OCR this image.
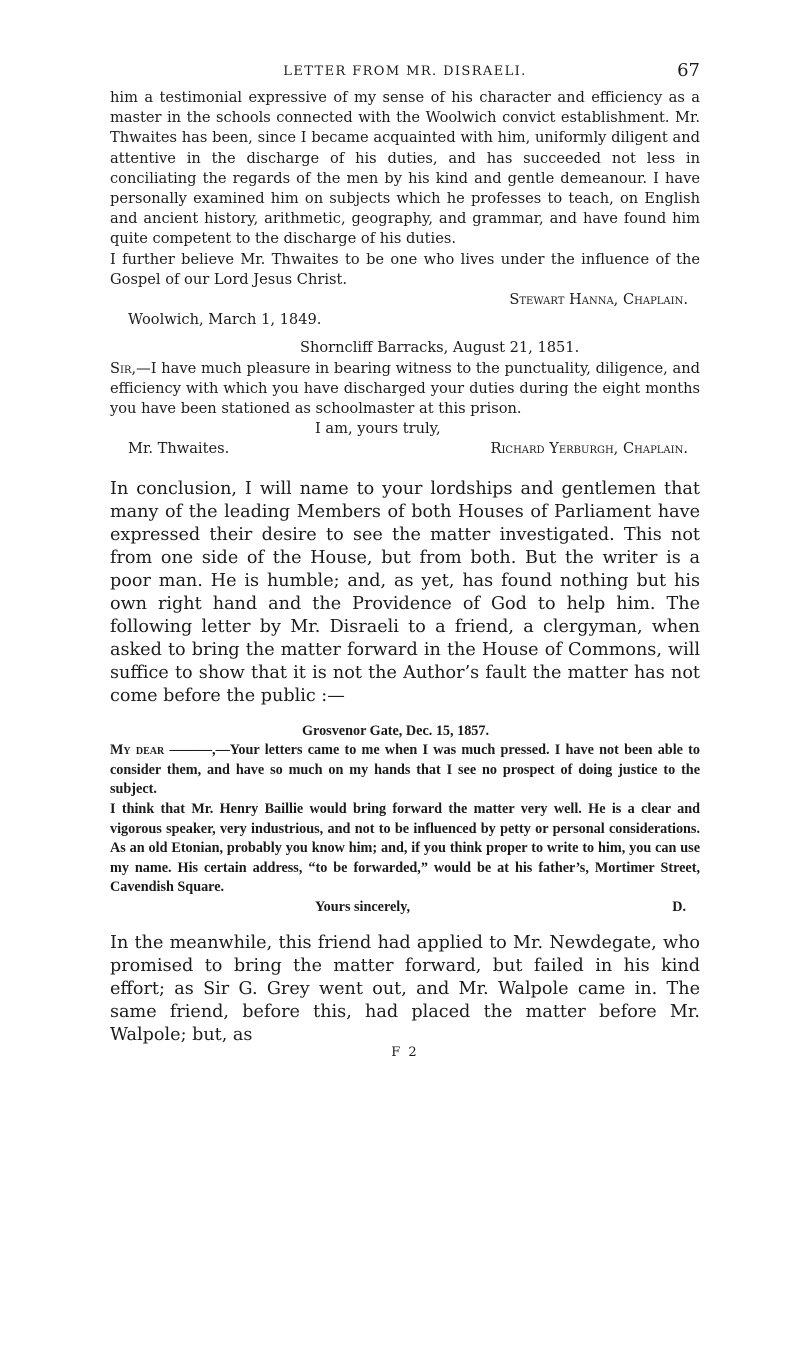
LETTER FROM MR. DISRAELI.	67

him a testimonial expressive of my sense of his character and efficiency as a master in the schools connected with the Woolwich convict establishment. Mr. Thwaites has been, since I became acquainted with him, uniformly diligent and attentive in the discharge of his duties, and has succeeded not less in conciliating the regards of the men by his kind and gentle demeanour. I have personally examined him on subjects which he professes to teach, on English and ancient history, arithmetic, geography, and grammar, and have found him quite competent to the discharge of his duties.

I further believe Mr. Thwaites to be one who lives under the influence of the Gospel of our Lord Jesus Christ.

Stewart Hanna, Chaplain.
Woolwich, March 1, 1849.
Shorncliff Barracks, August 21, 1851.

Sir,—I have much pleasure in bearing witness to the punctuality, diligence, and efficiency with which you have discharged your duties during the eight months you have been stationed as schoolmaster at this prison.

I am, yours truly,
Mr. Thwaites.	Richard Yerburgh, Chaplain.

In conclusion, I will name to your lordships and gentlemen that many of the leading Members of both Houses of Parliament have expressed their desire to see the matter investigated. This not from one side of the House, but from both. But the writer is a poor man. He is humble; and, as yet, has found nothing but his own right hand and the Providence of God to help him. The following letter by Mr. Disraeli to a friend, a clergyman, when asked to bring the matter forward in the House of Commons, will suffice to show that it is not the Author’s fault the matter has not come before the public :—

Grosvenor Gate, Dec. 15, 1857.

My dear ———,—Your letters came to me when I was much pressed. I have not been able to consider them, and have so much on my hands that I see no prospect of doing justice to the subject.

I think that Mr. Henry Baillie would bring forward the matter very well. He is a clear and vigorous speaker, very industrious, and not to be influenced by petty or personal considerations. As an old Etonian, probably you know him; and, if you think proper to write to him, you can use my name. His certain address, “to be forwarded,” would be at his father’s, Mortimer Street, Cavendish Square.

Yours sincerely,	D.

In the meanwhile, this friend had applied to Mr. Newdegate, who promised to bring the matter forward, but failed in his kind effort; as Sir G. Grey went out, and Mr. Walpole came in. The same friend, before this, had placed the matter before Mr. Walpole; but, as

F 2
